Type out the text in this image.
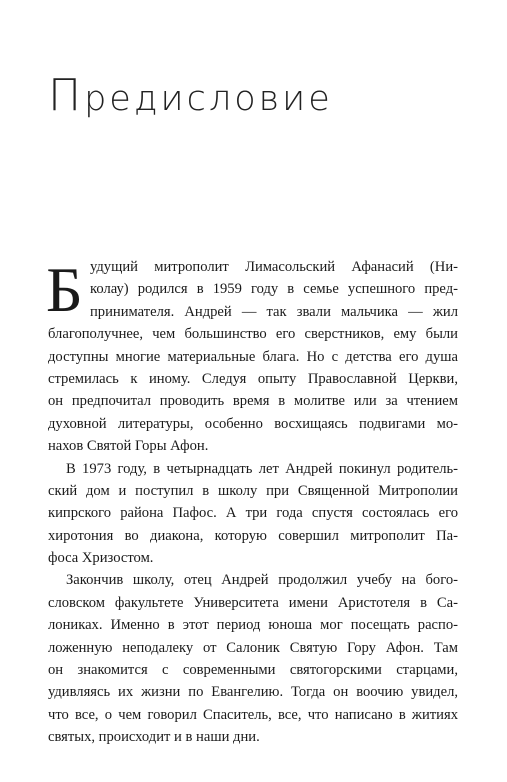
Предисловие
Б удущий митрополит Лимасольский Афанасий (Ни-
колау) родился в 1959 году в семье успешного пред-
принимателя. Андрей — так звали мальчика — жил
благополучнее, чем большинство его сверстников, ему были
доступны многие материальные блага. Но с детства его душа
стремилась к иному. Следуя опыту Православной Церкви,
он предпочитал проводить время в молитве или за чтением
духовной литературы, особенно восхищаясь подвигами мо-
нахов Святой Горы Афон.
В 1973 году, в четырнадцать лет Андрей покинул родитель-
ский дом и поступил в школу при Священной Митрополии
кипрского района Пафос. А три года спустя состоялась его
хиротония во диакона, которую совершил митрополит Па-
фоса Хризостом.
Закончив школу, отец Андрей продолжил учебу на бого-
словском факультете Университета имени Аристотеля в Са-
лониках. Именно в этот период юноша мог посещать распо-
ложенную неподалеку от Салоник Святую Гору Афон. Там
он знакомится с современными святогорскими старцами,
удивляясь их жизни по Евангелию. Тогда он воочию увидел,
что все, о чем говорил Спаситель, все, что написано в житиях
святых, происходит и в наши дни.
